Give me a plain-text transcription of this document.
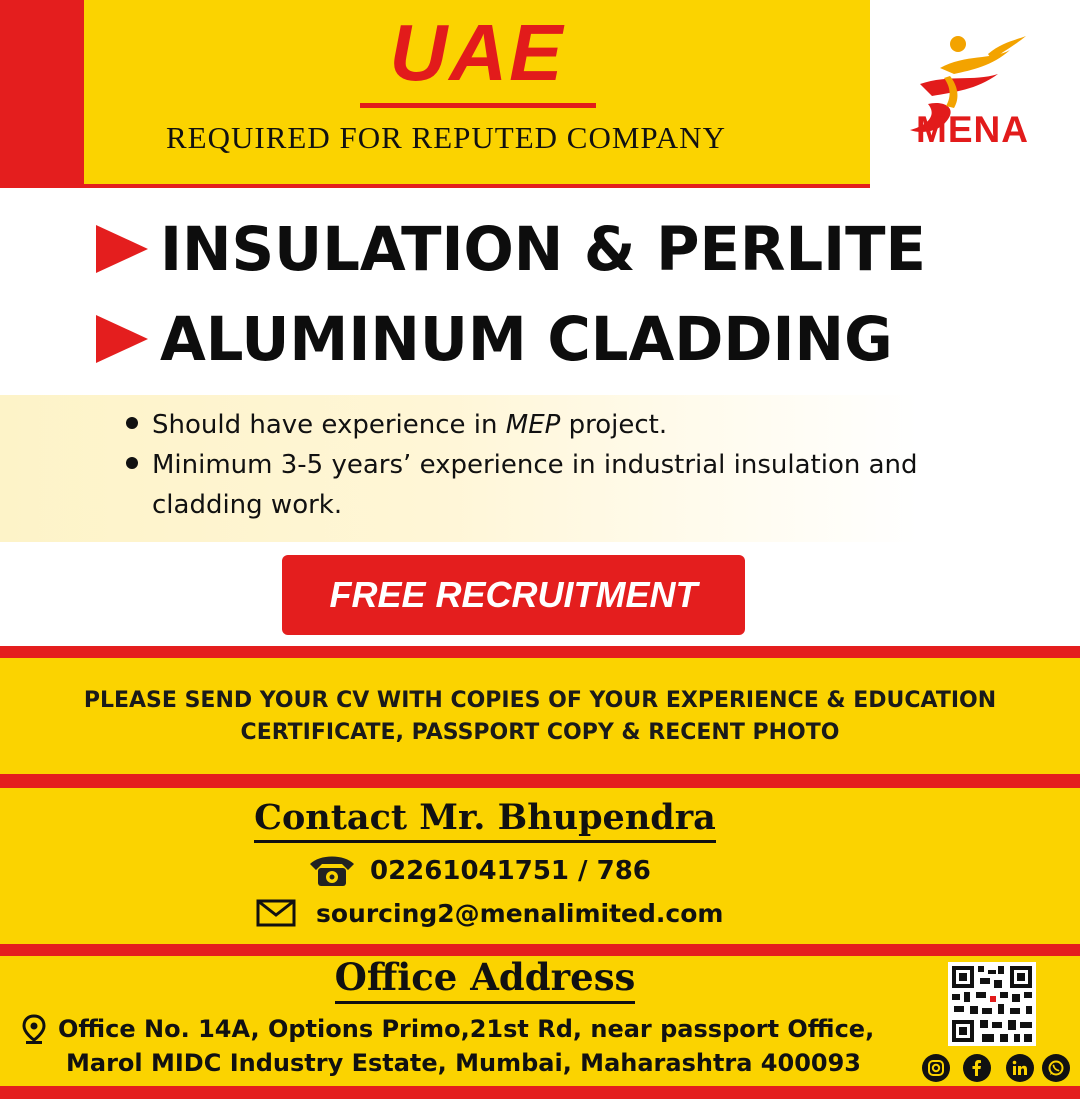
UAE
REQUIRED FOR REPUTED COMPANY	MENA
INSULATION & PERLITE
ALUMINUM CLADDING
Should have experience in MEP project.
Minimum 3-5 years’ experience in industrial insulation and
cladding work.
FREE RECRUITMENT
PLEASE SEND YOUR CV WITH COPIES OF YOUR EXPERIENCE & EDUCATION
CERTIFICATE, PASSPORT COPY & RECENT PHOTO
Contact Mr. Bhupendra
02261041751 / 786
sourcing2@menalimited.com
Office Address
Office No. 14A, Options Primo,21st Rd, near passport Office,
Marol MIDC Industry Estate, Mumbai, Maharashtra 400093
